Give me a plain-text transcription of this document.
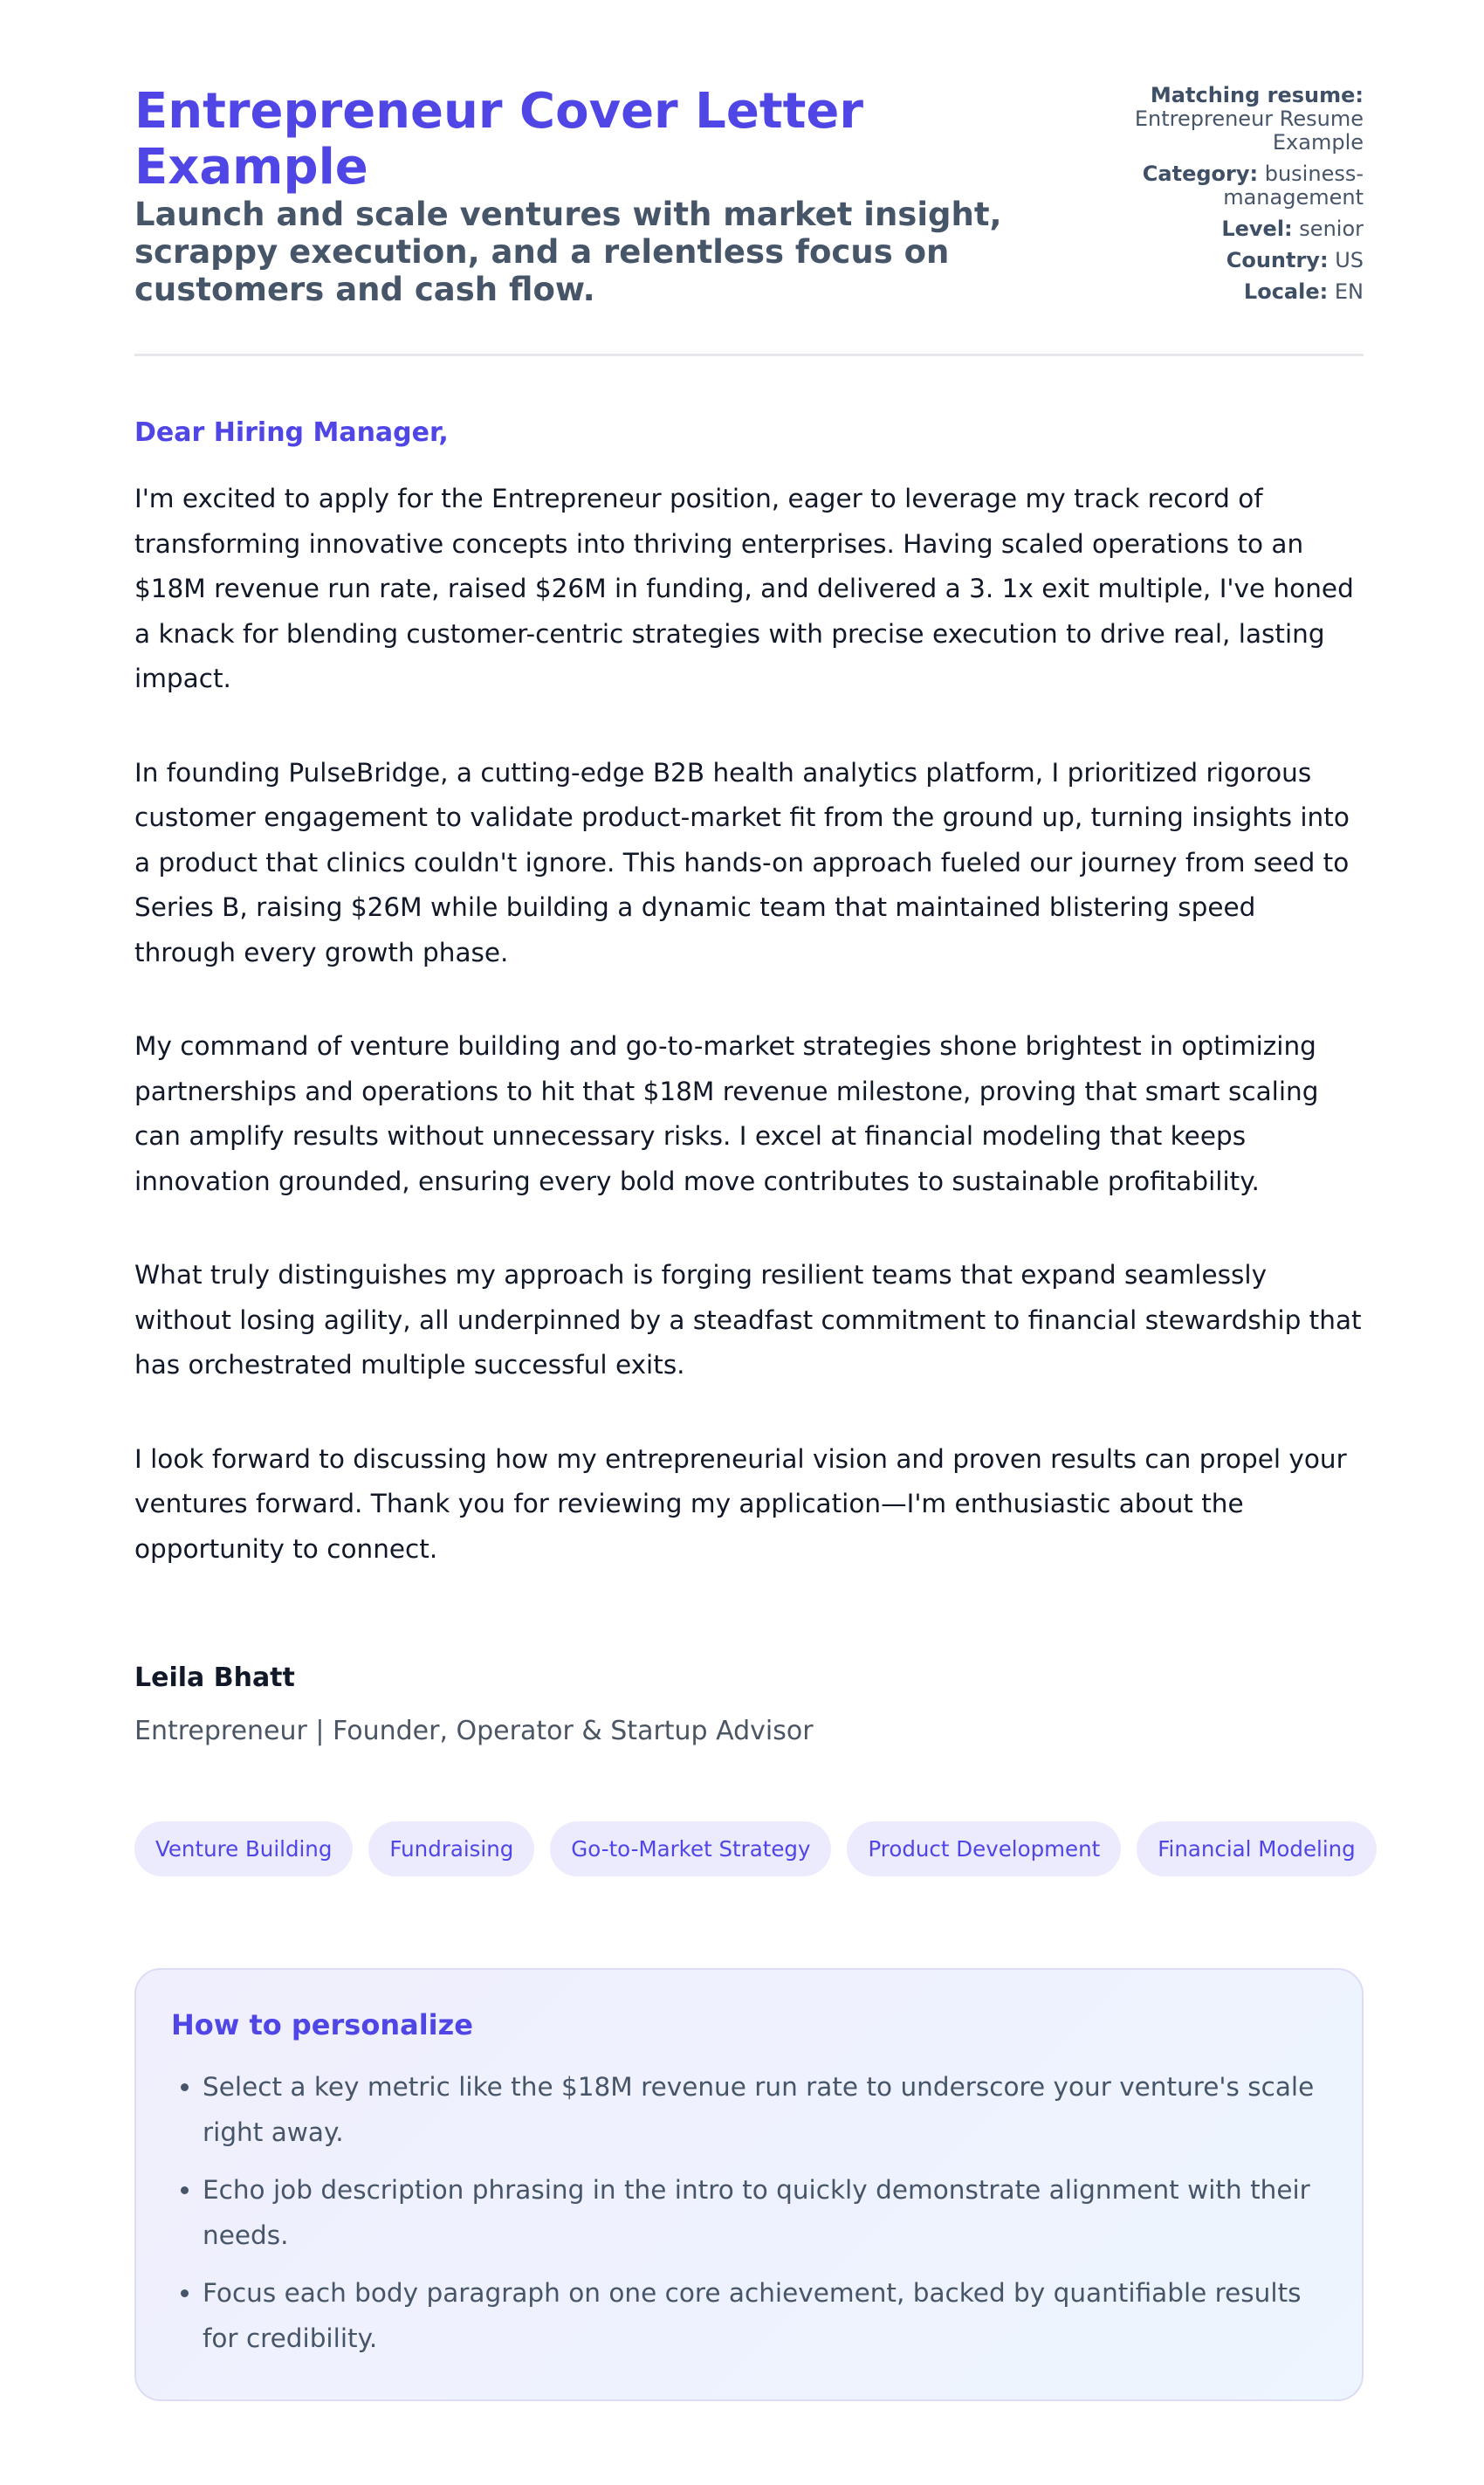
Entrepreneur Cover Letter Example
Launch and scale ventures with market insight, scrappy execution, and a relentless focus on customers and cash flow.
Matching resume:
Entrepreneur Resume Example
Category: business-management
Level: senior
Country: US
Locale: EN

Dear Hiring Manager,

I'm excited to apply for the Entrepreneur position, eager to leverage my track record of transforming innovative concepts into thriving enterprises. Having scaled operations to an $18M revenue run rate, raised $26M in funding, and delivered a 3. 1x exit multiple, I've honed a knack for blending customer-centric strategies with precise execution to drive real, lasting impact.

In founding PulseBridge, a cutting-edge B2B health analytics platform, I prioritized rigorous customer engagement to validate product-market fit from the ground up, turning insights into a product that clinics couldn't ignore. This hands-on approach fueled our journey from seed to Series B, raising $26M while building a dynamic team that maintained blistering speed through every growth phase.

My command of venture building and go-to-market strategies shone brightest in optimizing partnerships and operations to hit that $18M revenue milestone, proving that smart scaling can amplify results without unnecessary risks. I excel at financial modeling that keeps innovation grounded, ensuring every bold move contributes to sustainable profitability.

What truly distinguishes my approach is forging resilient teams that expand seamlessly without losing agility, all underpinned by a steadfast commitment to financial stewardship that has orchestrated multiple successful exits.

I look forward to discussing how my entrepreneurial vision and proven results can propel your ventures forward. Thank you for reviewing my application—I'm enthusiastic about the opportunity to connect.

Leila Bhatt
Entrepreneur | Founder, Operator & Startup Advisor
Venture Building	Fundraising	Go-to-Market Strategy	Product Development	Financial Modeling
How to personalize
• Select a key metric like the $18M revenue run rate to underscore your venture's scale right away.
• Echo job description phrasing in the intro to quickly demonstrate alignment with their needs.
• Focus each body paragraph on one core achievement, backed by quantifiable results for credibility.
